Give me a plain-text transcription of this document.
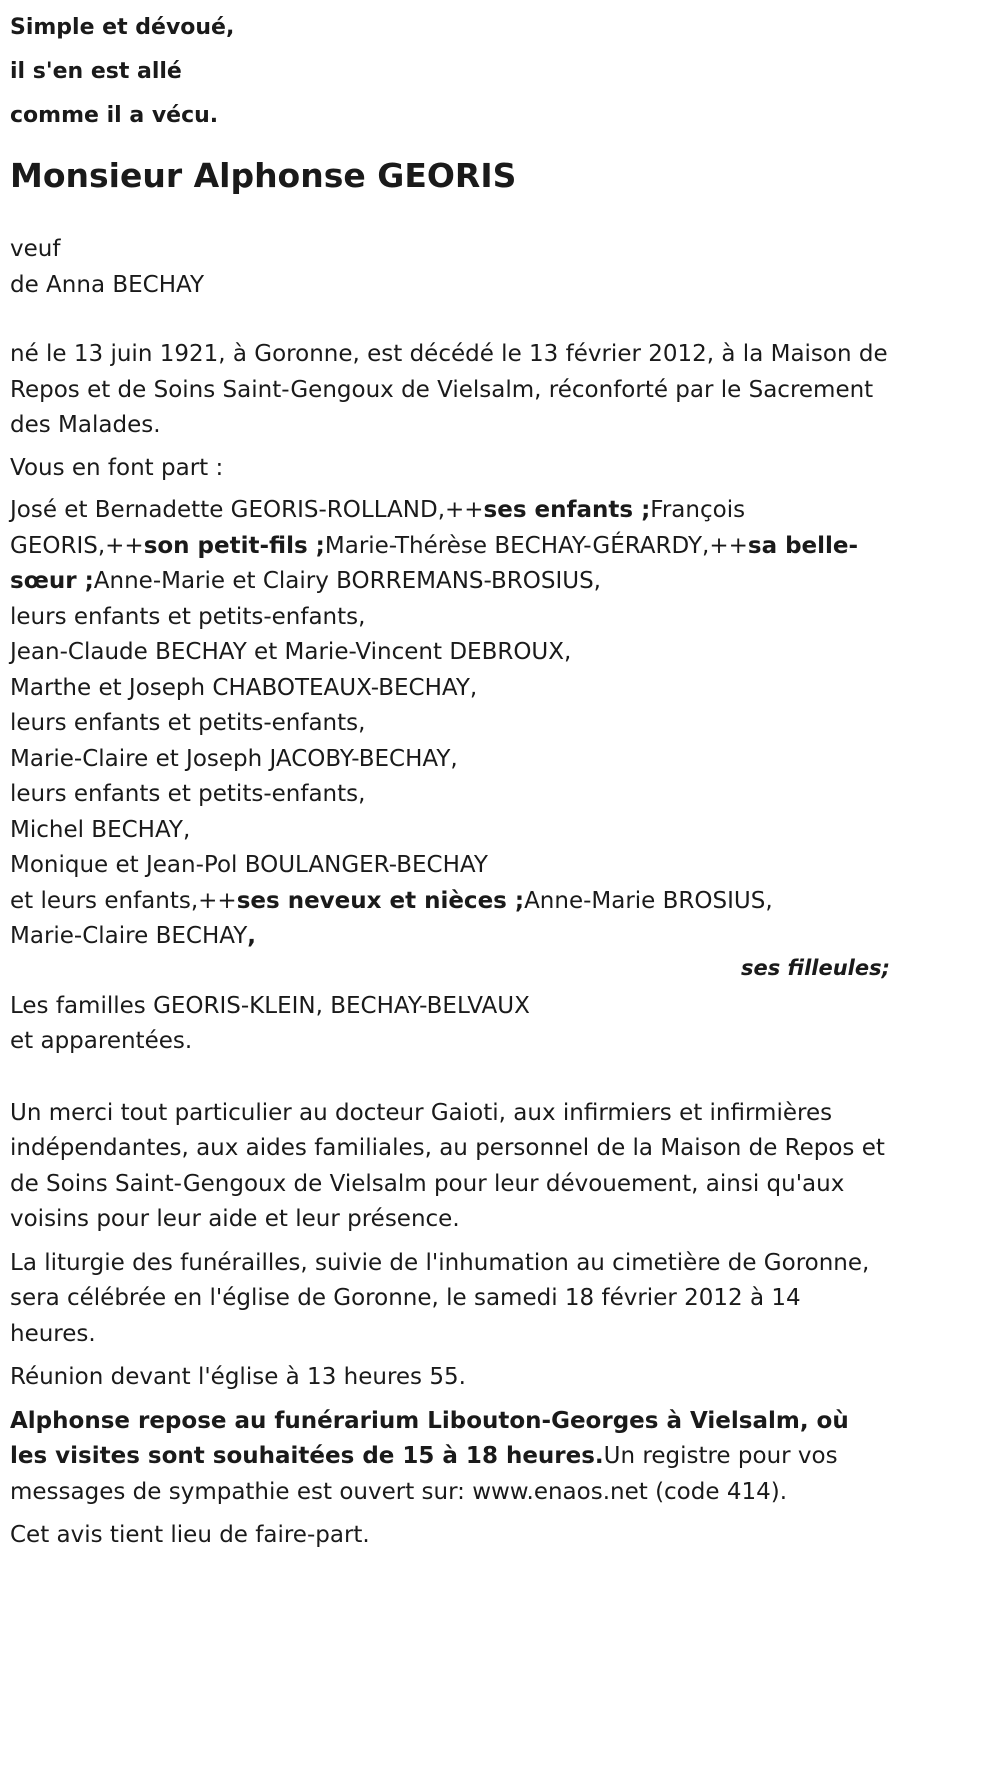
Simple et dévoué,
il s'en est allé
comme il a vécu.
Monsieur Alphonse GEORIS
veuf
de Anna BECHAY
né le 13 juin 1921, à Goronne, est décédé le 13 février 2012, à la Maison de Repos et de Soins Saint-Gengoux de Vielsalm, réconforté par le Sacrement des Malades.
Vous en font part :
José et Bernadette GEORIS-ROLLAND,++ses enfants ;François GEORIS,++son petit-fils ;Marie-Thérèse BECHAY-GÉRARDY,++sa belle-sœur ;Anne-Marie et Clairy BORREMANS-BROSIUS,
leurs enfants et petits-enfants,
Jean-Claude BECHAY et Marie-Vincent DEBROUX,
Marthe et Joseph CHABOTEAUX-BECHAY,
leurs enfants et petits-enfants,
Marie-Claire et Joseph JACOBY-BECHAY,
leurs enfants et petits-enfants,
Michel BECHAY,
Monique et Jean-Pol BOULANGER-BECHAY
et leurs enfants,++ses neveux et nièces ;Anne-Marie BROSIUS,
Marie-Claire BECHAY,
ses filleules;
Les familles GEORIS-KLEIN, BECHAY-BELVAUX
et apparentées.
Un merci tout particulier au docteur Gaioti, aux infirmiers et infirmières indépendantes, aux aides familiales, au personnel de la Maison de Repos et de Soins Saint-Gengoux de Vielsalm pour leur dévouement, ainsi qu'aux voisins pour leur aide et leur présence.
La liturgie des funérailles, suivie de l'inhumation au cimetière de Goronne, sera célébrée en l'église de Goronne, le samedi 18 février 2012 à 14 heures.
Réunion devant l'église à 13 heures 55.
Alphonse repose au funérarium Libouton-Georges à Vielsalm, où les visites sont souhaitées de 15 à 18 heures.Un registre pour vos messages de sympathie est ouvert sur: www.enaos.net (code 414).
Cet avis tient lieu de faire-part.
